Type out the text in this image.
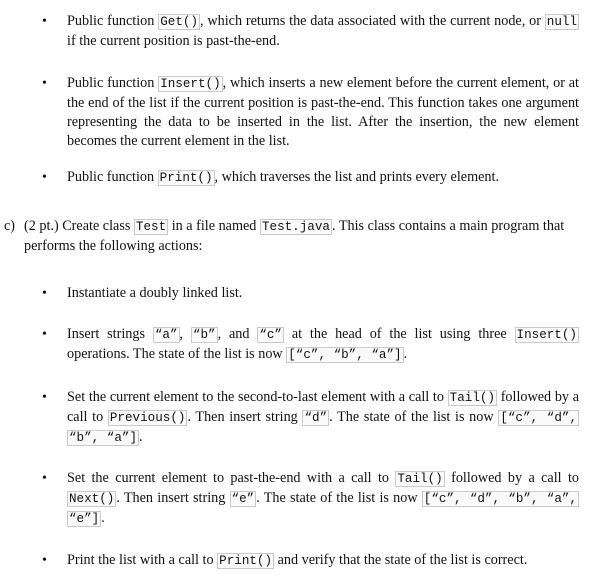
• Public function Get() , which returns the data associated with the current node, or null if the current position is past-the-end.
• Public function Insert() , which inserts a new element before the current element, or at the end of the list if the current position is past-the-end. This function takes one argument representing the data to be inserted in the list. After the insertion, the new element becomes the current element in the list.
• Public function Print() , which traverses the list and prints every element.
c) (2 pt.) Create class Test in a file named Test.java . This class contains a main program that
performs the following actions:
• Instantiate a doubly linked list.
• Insert strings “a” , “b” , and “c” at the head of the list using three Insert() operations. The state of the list is now [“c”, “b”, “a”] .
• Set the current element to the second-to-last element with a call to Tail() followed by a call to Previous() . Then insert string “d” . The state of the list is now [“c”, “d”, “b”, “a”] .
• Set the current element to past-the-end with a call to Tail() followed by a call to Next() . Then insert string “e” . The state of the list is now [“c”, “d”, “b”, “a”, “e”] .
• Print the list with a call to Print() and verify that the state of the list is correct.
